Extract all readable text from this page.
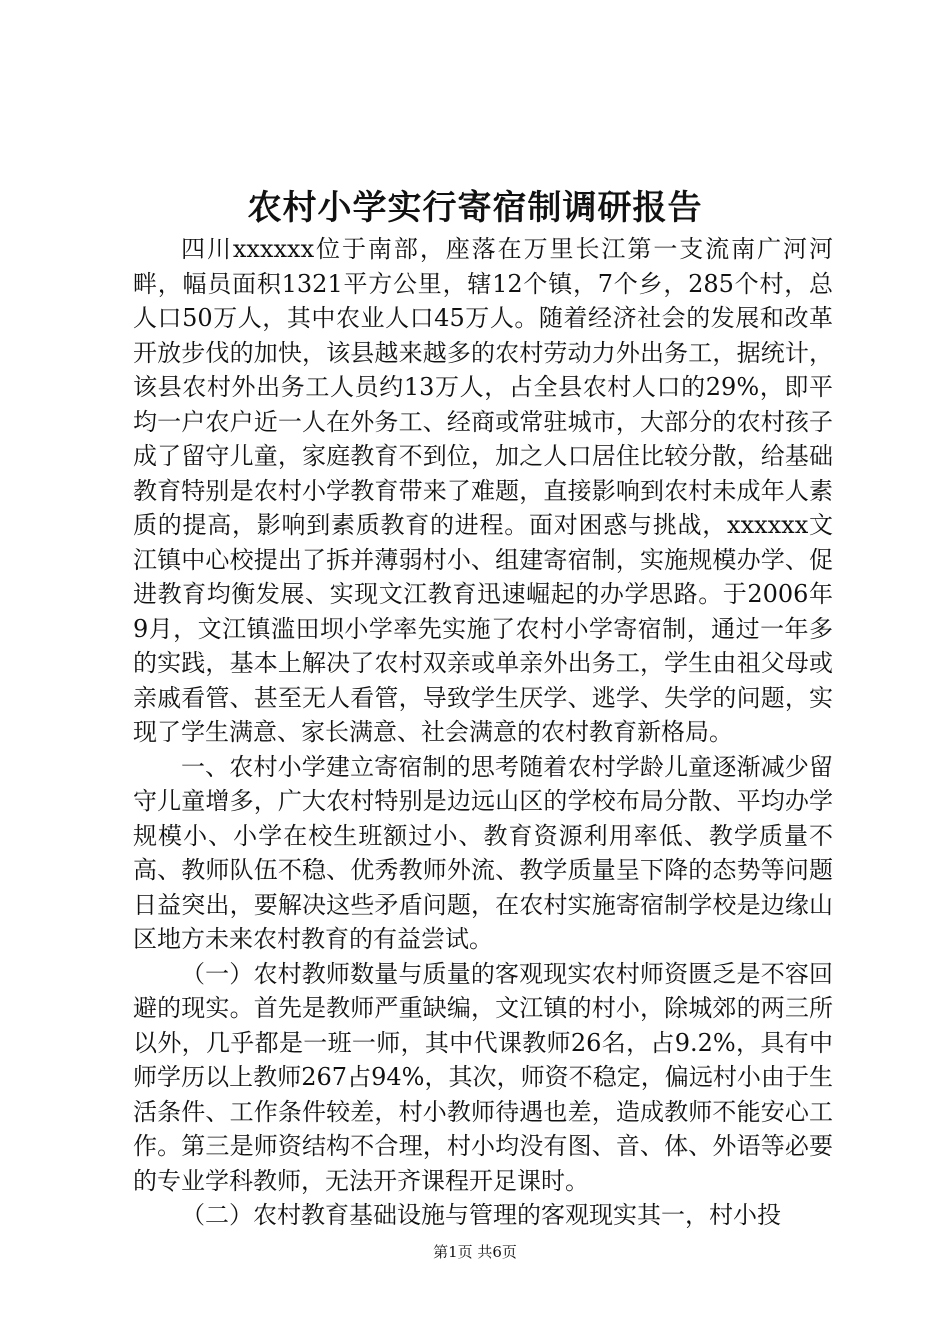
农村小学实行寄宿制调研报告

四川xxxxxx位于南部，座落在万里长江第一支流南广河河畔，幅员面积1321平方公里，辖12个镇，7个乡，285个村，总人口50万人，其中农业人口45万人。随着经济社会的发展和改革开放步伐的加快，该县越来越多的农村劳动力外出务工，据统计，该县农村外出务工人员约13万人，占全县农村人口的29%，即平均一户农户近一人在外务工、经商或常驻城市，大部分的农村孩子成了留守儿童，家庭教育不到位，加之人口居住比较分散，给基础教育特别是农村小学教育带来了难题，直接影响到农村未成年人素质的提高，影响到素质教育的进程。面对困惑与挑战，xxxxxx文江镇中心校提出了拆并薄弱村小、组建寄宿制，实施规模办学、促进教育均衡发展、实现文江教育迅速崛起的办学思路。于2006年9月，文江镇滥田坝小学率先实施了农村小学寄宿制，通过一年多的实践，基本上解决了农村双亲或单亲外出务工，学生由祖父母或亲戚看管、甚至无人看管，导致学生厌学、逃学、失学的问题，实现了学生满意、家长满意、社会满意的农村教育新格局。

一、农村小学建立寄宿制的思考随着农村学龄儿童逐渐减少留守儿童增多，广大农村特别是边远山区的学校布局分散、平均办学规模小、小学在校生班额过小、教育资源利用率低、教学质量不高、教师队伍不稳、优秀教师外流、教学质量呈下降的态势等问题日益突出，要解决这些矛盾问题，在农村实施寄宿制学校是边缘山区地方未来农村教育的有益尝试。

（一）农村教师数量与质量的客观现实农村师资匮乏是不容回避的现实。首先是教师严重缺编，文江镇的村小，除城郊的两三所以外，几乎都是一班一师，其中代课教师26名，占9.2%，具有中师学历以上教师267占94%，其次，师资不稳定，偏远村小由于生活条件、工作条件较差，村小教师待遇也差，造成教师不能安心工作。第三是师资结构不合理，村小均没有图、音、体、外语等必要的专业学科教师，无法开齐课程开足课时。

（二）农村教育基础设施与管理的客观现实其一，村小投

第1页 共6页
